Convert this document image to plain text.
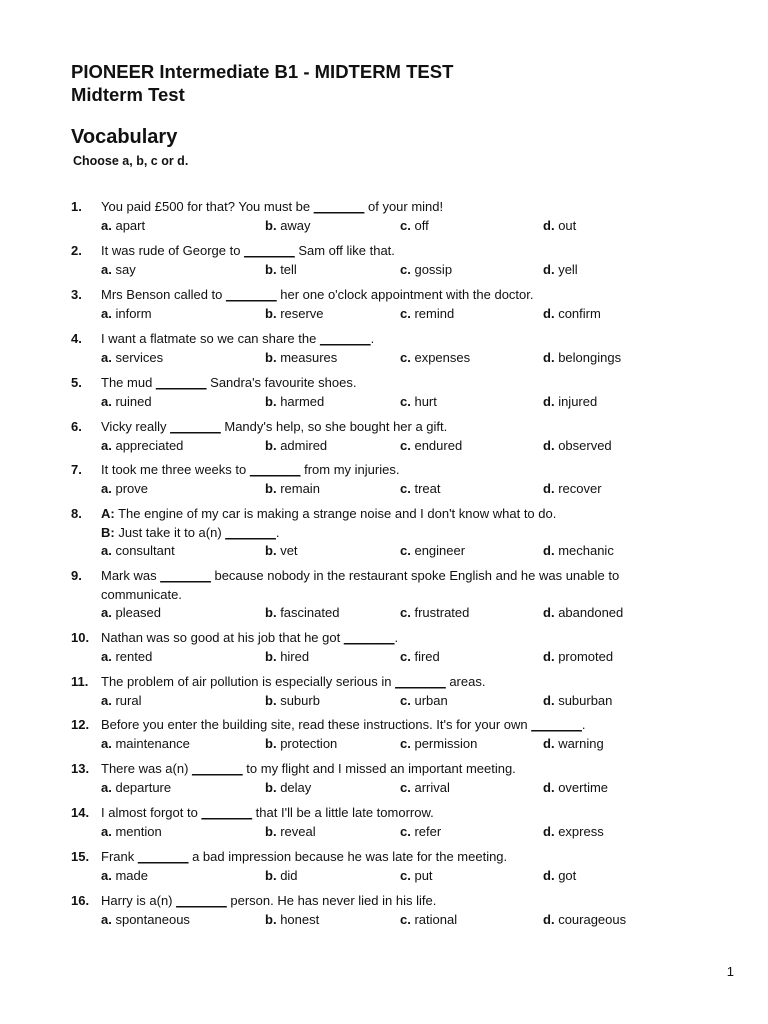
PIONEER Intermediate B1 - MIDTERM TEST
Midterm Test
Vocabulary
Choose a, b, c or d.
1. You paid £500 for that? You must be _______ of your mind!
a. apart	b. away	c. off	d. out
2. It was rude of George to _______ Sam off like that.
a. say	b. tell	c. gossip	d. yell
3. Mrs Benson called to _______ her one o'clock appointment with the doctor.
a. inform	b. reserve	c. remind	d. confirm
4. I want a flatmate so we can share the _______.
a. services	b. measures	c. expenses	d. belongings
5. The mud _______ Sandra's favourite shoes.
a. ruined	b. harmed	c. hurt	d. injured
6. Vicky really _______ Mandy's help, so she bought her a gift.
a. appreciated	b. admired	c. endured	d. observed
7. It took me three weeks to _______ from my injuries.
a. prove	b. remain	c. treat	d. recover
8. A: The engine of my car is making a strange noise and I don't know what to do.
B: Just take it to a(n) _______.
a. consultant	b. vet	c. engineer	d. mechanic
9. Mark was _______ because nobody in the restaurant spoke English and he was unable to
communicate.
a. pleased	b. fascinated	c. frustrated	d. abandoned
10. Nathan was so good at his job that he got _______.
a. rented	b. hired	c. fired	d. promoted
11. The problem of air pollution is especially serious in _______ areas.
a. rural	b. suburb	c. urban	d. suburban
12. Before you enter the building site, read these instructions. It's for your own _______.
a. maintenance	b. protection	c. permission	d. warning
13. There was a(n) _______ to my flight and I missed an important meeting.
a. departure	b. delay	c. arrival	d. overtime
14. I almost forgot to _______ that I'll be a little late tomorrow.
a. mention	b. reveal	c. refer	d. express
15. Frank _______ a bad impression because he was late for the meeting.
a. made	b. did	c. put	d. got
16. Harry is a(n) _______ person. He has never lied in his life.
a. spontaneous	b. honest	c. rational	d. courageous
1
